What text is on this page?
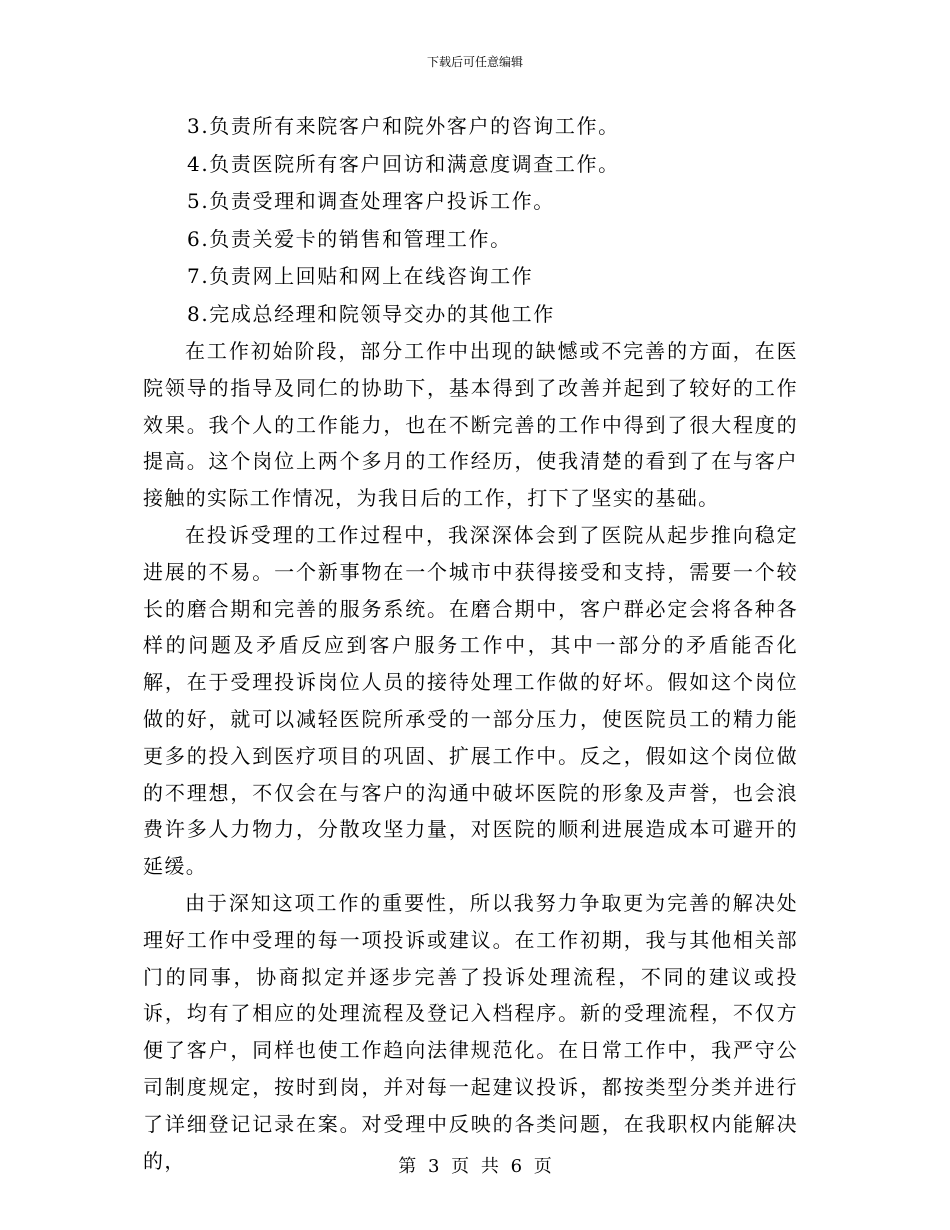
下载后可任意编辑
3.负责所有来院客户和院外客户的咨询工作。
4.负责医院所有客户回访和满意度调查工作。
5.负责受理和调查处理客户投诉工作。
6.负责关爱卡的销售和管理工作。
7.负责网上回贴和网上在线咨询工作
8.完成总经理和院领导交办的其他工作

在工作初始阶段，部分工作中出现的缺憾或不完善的方面，在医院领导的指导及同仁的协助下，基本得到了改善并起到了较好的工作效果。我个人的工作能力，也在不断完善的工作中得到了很大程度的提高。这个岗位上两个多月的工作经历，使我清楚的看到了在与客户接触的实际工作情况，为我日后的工作，打下了坚实的基础。

在投诉受理的工作过程中，我深深体会到了医院从起步推向稳定进展的不易。一个新事物在一个城市中获得接受和支持，需要一个较长的磨合期和完善的服务系统。在磨合期中，客户群必定会将各种各样的问题及矛盾反应到客户服务工作中，其中一部分的矛盾能否化解，在于受理投诉岗位人员的接待处理工作做的好坏。假如这个岗位做的好，就可以减轻医院所承受的一部分压力，使医院员工的精力能更多的投入到医疗项目的巩固、扩展工作中。反之，假如这个岗位做的不理想，不仅会在与客户的沟通中破坏医院的形象及声誉，也会浪费许多人力物力，分散攻坚力量，对医院的顺利进展造成本可避开的延缓。

由于深知这项工作的重要性，所以我努力争取更为完善的解决处理好工作中受理的每一项投诉或建议。在工作初期，我与其他相关部门的同事，协商拟定并逐步完善了投诉处理流程，不同的建议或投诉，均有了相应的处理流程及登记入档程序。新的受理流程，不仅方便了客户，同样也使工作趋向法律规范化。在日常工作中，我严守公司制度规定，按时到岗，并对每一起建议投诉，都按类型分类并进行了详细登记记录在案。对受理中反映的各类问题，在我职权内能解决的，	第 3 页 共 6 页
